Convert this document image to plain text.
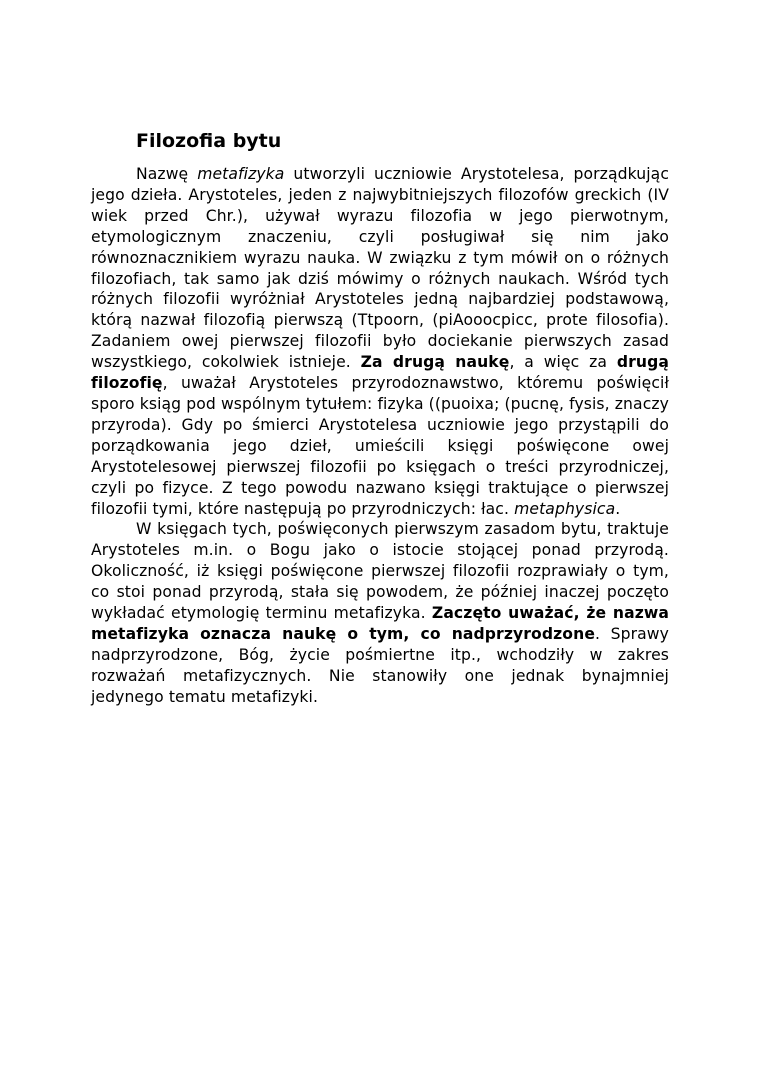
Filozofia bytu

Nazwę metafizyka utworzyli uczniowie Arystotelesa, porządkując jego dzieła. Arystoteles, jeden z najwybitniejszych filozofów greckich (IV wiek przed Chr.), używał wyrazu filozofia w jego pierwotnym, etymologicznym znaczeniu, czyli posługiwał się nim jako równoznacznikiem wyrazu nauka. W związku z tym mówił on o różnych filozofiach, tak samo jak dziś mówimy o różnych naukach. Wśród tych różnych filozofii wyróżniał Arystoteles jedną najbardziej podstawową, którą nazwał filozofią pierwszą (Ttpoorn, (piAooocpicc, prote filosofia). Zadaniem owej pierwszej filozofii było dociekanie pierwszych zasad wszystkiego, cokolwiek istnieje. Za drugą naukę, a więc za drugą filozofię, uważał Arystoteles przyrodoznawstwo, któremu poświęcił sporo ksiąg pod wspólnym tytułem: fizyka ((puoixa; (pucnę, fysis, znaczy przyroda). Gdy po śmierci Arystotelesa uczniowie jego przystąpili do porządkowania jego dzieł, umieścili księgi poświęcone owej Arystotelesowej pierwszej filozofii po księgach o treści przyrodniczej, czyli po fizyce. Z tego powodu nazwano księgi traktujące o pierwszej filozofii tymi, które następują po przyrodniczych: łac. metaphysica.

W księgach tych, poświęconych pierwszym zasadom bytu, traktuje Arystoteles m.in. o Bogu jako o istocie stojącej ponad przyrodą. Okoliczność, iż księgi poświęcone pierwszej filozofii rozprawiały o tym, co stoi ponad przyrodą, stała się powodem, że później inaczej poczęto wykładać etymologię terminu metafizyka. Zaczęto uważać, że nazwa metafizyka oznacza naukę o tym, co nadprzyrodzone. Sprawy nadprzyrodzone, Bóg, życie pośmiertne itp., wchodziły w zakres rozważań metafizycznych. Nie stanowiły one jednak bynajmniej jedynego tematu metafizyki.
